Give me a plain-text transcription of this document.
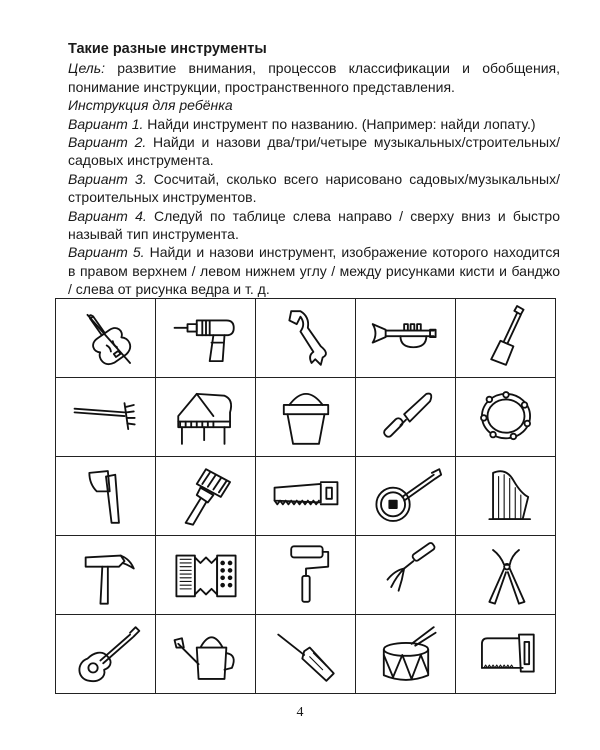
Такие разные инструменты

Цель: развитие внимания, процессов классификации и обобщения, понимание инструкции, пространственного представления.

Инструкция для ребёнка

Вариант 1. Найди инструмент по названию. (Например: найди лопату.)

Вариант 2. Найди и назови два/три/четыре музыкальных/строительных/садовых инструмента.

Вариант 3. Сосчитай, сколько всего нарисовано садовых/музыкальных/строительных инструментов.

Вариант 4. Следуй по таблице слева направо / сверху вниз и быстро называй тип инструмента.

Вариант 5. Найди и назови инструмент, изображение которого находится в правом верхнем / левом нижнем углу / между рисунками кисти и банджо / слева от рисунка ведра и т. д.

4
